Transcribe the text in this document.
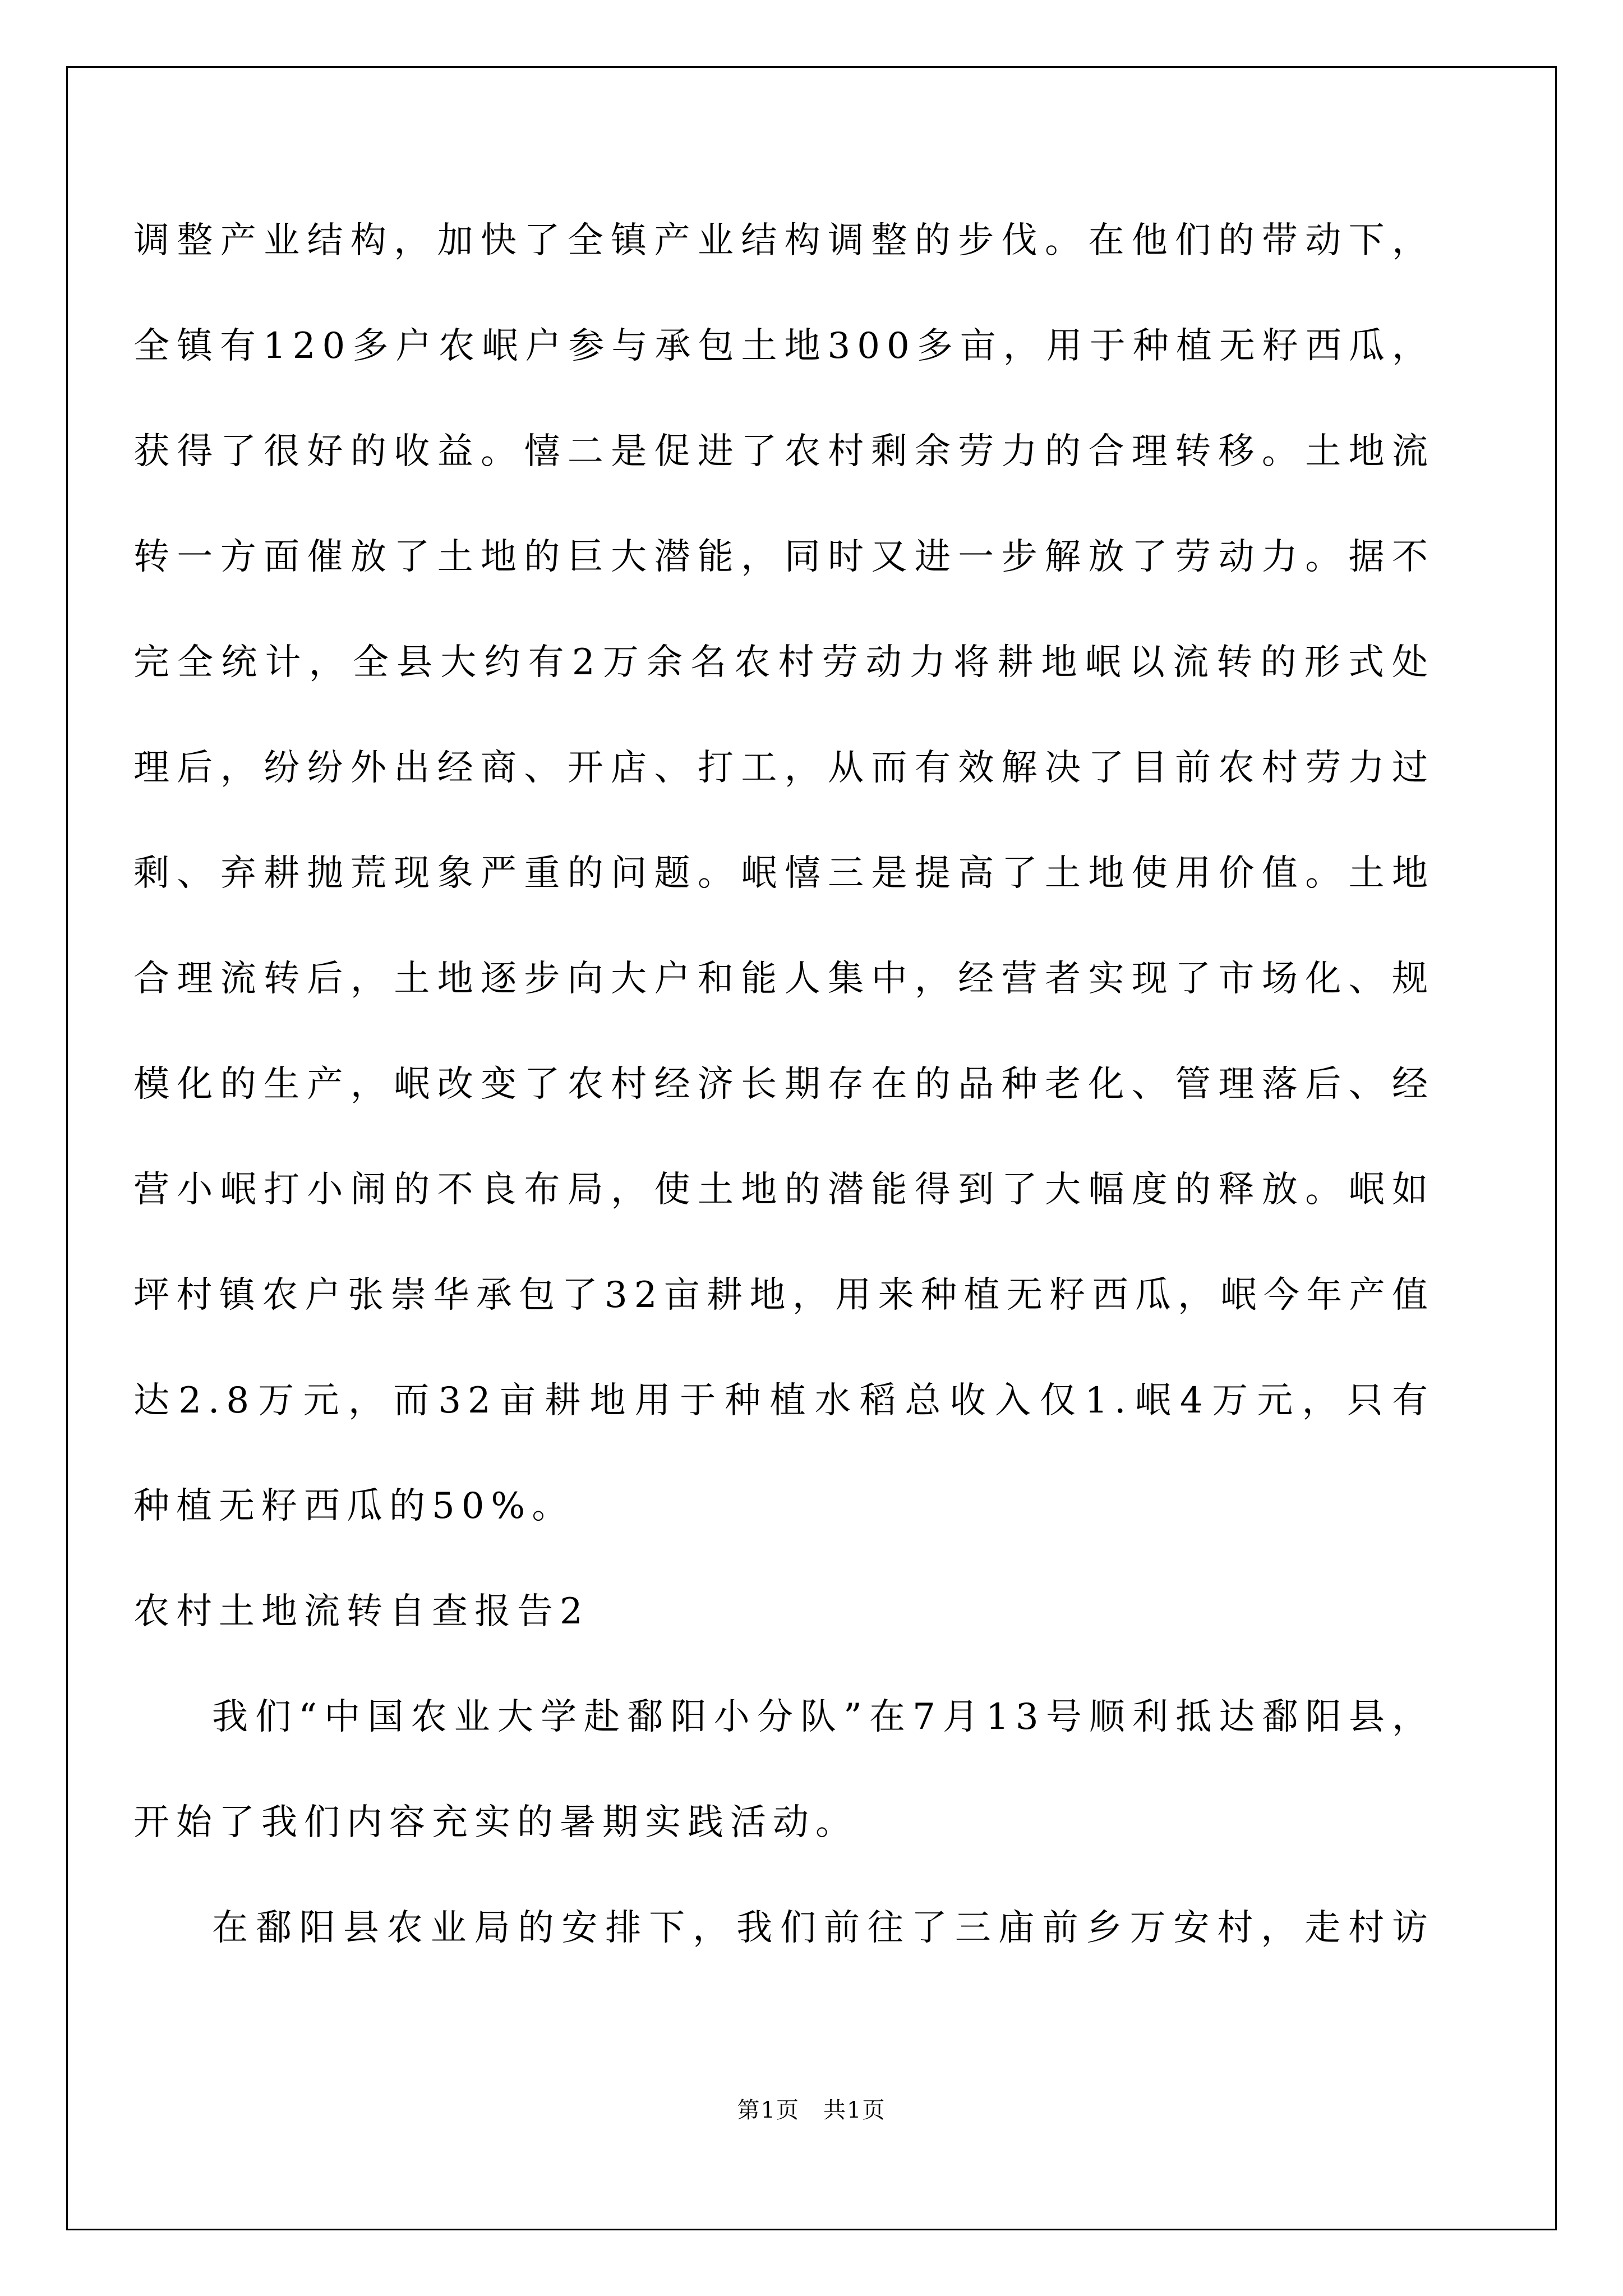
调整产业结构，加快了全镇产业结构调整的步伐。在他们的带动下，
全镇有120多户农岷户参与承包土地300多亩，用于种植无籽西瓜，
获得了很好的收益。憘二是促进了农村剩余劳力的合理转移。土地流
转一方面催放了土地的巨大潜能，同时又进一步解放了劳动力。据不
完全统计，全县大约有2万余名农村劳动力将耕地岷以流转的形式处
理后，纷纷外出经商、开店、打工，从而有效解决了目前农村劳力过
剩、弃耕抛荒现象严重的问题。岷憘三是提高了土地使用价值。土地
合理流转后，土地逐步向大户和能人集中，经营者实现了市场化、规
模化的生产，岷改变了农村经济长期存在的品种老化、管理落后、经
营小岷打小闹的不良布局，使土地的潜能得到了大幅度的释放。岷如
坪村镇农户张崇华承包了32亩耕地，用来种植无籽西瓜，岷今年产值
达2.8万元，而32亩耕地用于种植水稻总收入仅1.岷4万元，只有
种植无籽西瓜的50%。
农村土地流转自查报告2
我们“中国农业大学赴鄱阳小分队”在7月13号顺利抵达鄱阳县，
开始了我们内容充实的暑期实践活动。
在鄱阳县农业局的安排下，我们前往了三庙前乡万安村，走村访
第1页　共1页
